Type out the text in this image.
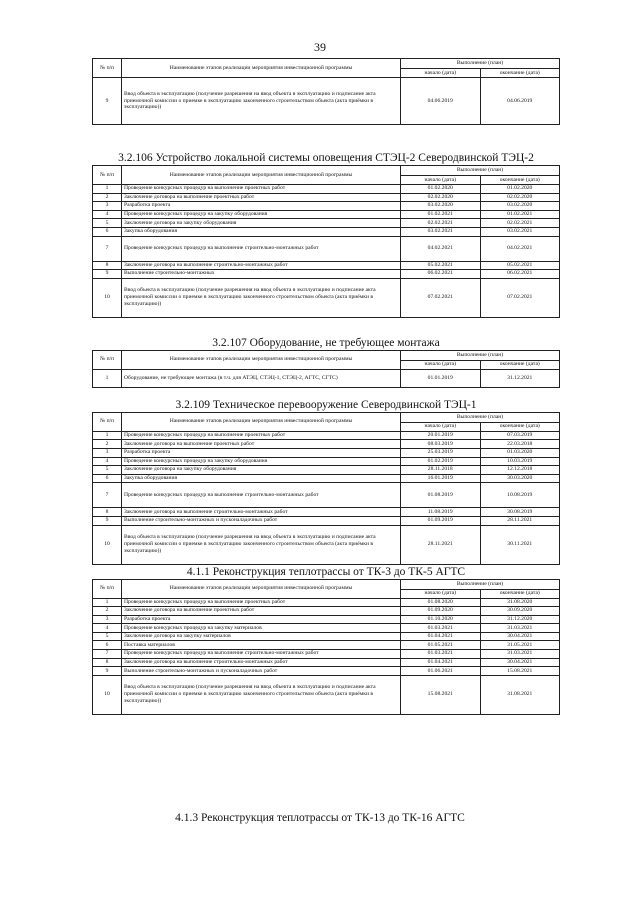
39
№ п/п	Наименование этапов реализации мероприятия инвестиционной программы	Выполнение (план)	
		начало (дата)	окончание (дата)
9	Ввод объекта в эксплуатацию (получение разрешения на ввод объекта в эксплуатацию и подписание акта приемочной комиссии о приемке в эксплуатацию законченного строительством объекта (акта приёмки в эксплуатацию))	04.06.2019	04.06.2019
3.2.106 Устройство локальной системы оповещения СТЭЦ-2 Северодвинской ТЭЦ-2
№ п/п	Наименование этапов реализации мероприятия инвестиционной программы	Выполнение (план)	
		начало (дата)	окончание (дата)
1	Проведение конкурсных процедур на выполнение проектных работ	01.02.2020	01.02.2020
2	Заключение договора на выполнение проектных работ	02.02.2020	02.02.2020
3	Разработка проекта	03.02.2020	03.02.2020
4	Проведение конкурсных процедур на закупку оборудования	01.02.2021	01.02.2021
5	Заключение договора на закупку оборудования	02.02.2021	02.02.2021
6	Закупка оборудования	03.02.2021	03.02.2021
7	Проведение конкурсных процедур на выполнение строительно-монтажных работ	04.02.2021	04.02.2021
8	Заключение договора на выполнение строительно-монтажных работ	05.02.2021	05.02.2021
9	Выполнение строительно-монтажных	06.02.2021	06.02.2021
10	Ввод объекта в эксплуатацию (получение разрешения на ввод объекта в эксплуатацию и подписание акта приемочной комиссии о приемке в эксплуатацию законченного строительством объекта (акта приёмки в эксплуатацию))	07.02.2021	07.02.2021
3.2.107 Оборудование, не требующее монтажа
№ п/п	Наименование этапов реализации мероприятия инвестиционной программы	Выполнение (план)	
		начало (дата)	окончание (дата)
1	Оборудование, не требующее монтажа (в т.ч. для АТЭЦ, СТЭЦ-1, СТЭЦ-2, АГТС, СГТС)	01.01.2019	31.12.2021
3.2.109 Техническое перевооружение Северодвинской ТЭЦ-1
№ п/п	Наименование этапов реализации мероприятия инвестиционной программы	Выполнение (план)	
		начало (дата)	окончание (дата)
1	Проведение конкурсных процедур на выполнение проектных работ	20.01.2019	07.03.2019
2	Заключение договора на выполнение проектных работ	08.03.2019	22.03.2018
3	Разработка проекта	25.03.2019	01.03.2020
4	Проведение конкурсных процедур на закупку оборудования	01.02.2019	10.03.2019
5	Заключение договора на закупку оборудования	28.11.2018	12.12.2018
6	Закупка оборудования	16.01.2019	30.03.2020
7	Проведение конкурсных процедур на выполнение строительно-монтажных работ	01.08.2019	10.08.2019
8	Заключение договора на выполнение строительно-монтажных работ	11.08.2019	30.08.2019
9	Выполнение строительно-монтажных и пусконаладочных работ	01.09.2019	28.11.2021
10	Ввод объекта в эксплуатацию (получение разрешения на ввод объекта в эксплуатацию и подписание акта приемочной комиссии о приемке в эксплуатацию законченного строительством объекта (акта приёмки в эксплуатацию))	28.11.2021	30.11.2021
4.1.1 Реконструкция теплотрассы от ТК-3 до ТК-5 АГТС
№ п/п	Наименование этапов реализации мероприятия инвестиционной программы	Выполнение (план)	
		начало (дата)	окончание (дата)
1	Проведение конкурсных процедур на выполнение проектных работ	01.08.2020	31.08.2020
2	Заключение договора на выполнение проектных работ	01.09.2020	30.09.2020
3	Разработка проекта	01.10.2020	31.12.2020
4	Проведение конкурсных процедур на закупку материалов	01.03.2021	31.03.2021
5	Заключение договора на закупку материалов	01.04.2021	30.04.2021
6	Поставка материалов	01.05.2021	31.05.2021
7	Проведение конкурсных процедур на выполнение строительно-монтажных работ	01.03.2021	31.03.2021
8	Заключение договора на выполнение строительно-монтажных работ	01.04.2021	30.04.2021
9	Выполнение строительно-монтажных и пусконаладочных работ	01.06.2021	15.08.2021
10	Ввод объекта в эксплуатацию (получение разрешения на ввод объекта в эксплуатацию и подписание акта приемочной комиссии о приемке в эксплуатацию законченного строительством объекта (акта приёмки в эксплуатацию))	15.08.2021	31.08.2021
4.1.3 Реконструкция теплотрассы от ТК-13 до ТК-16 АГТС
